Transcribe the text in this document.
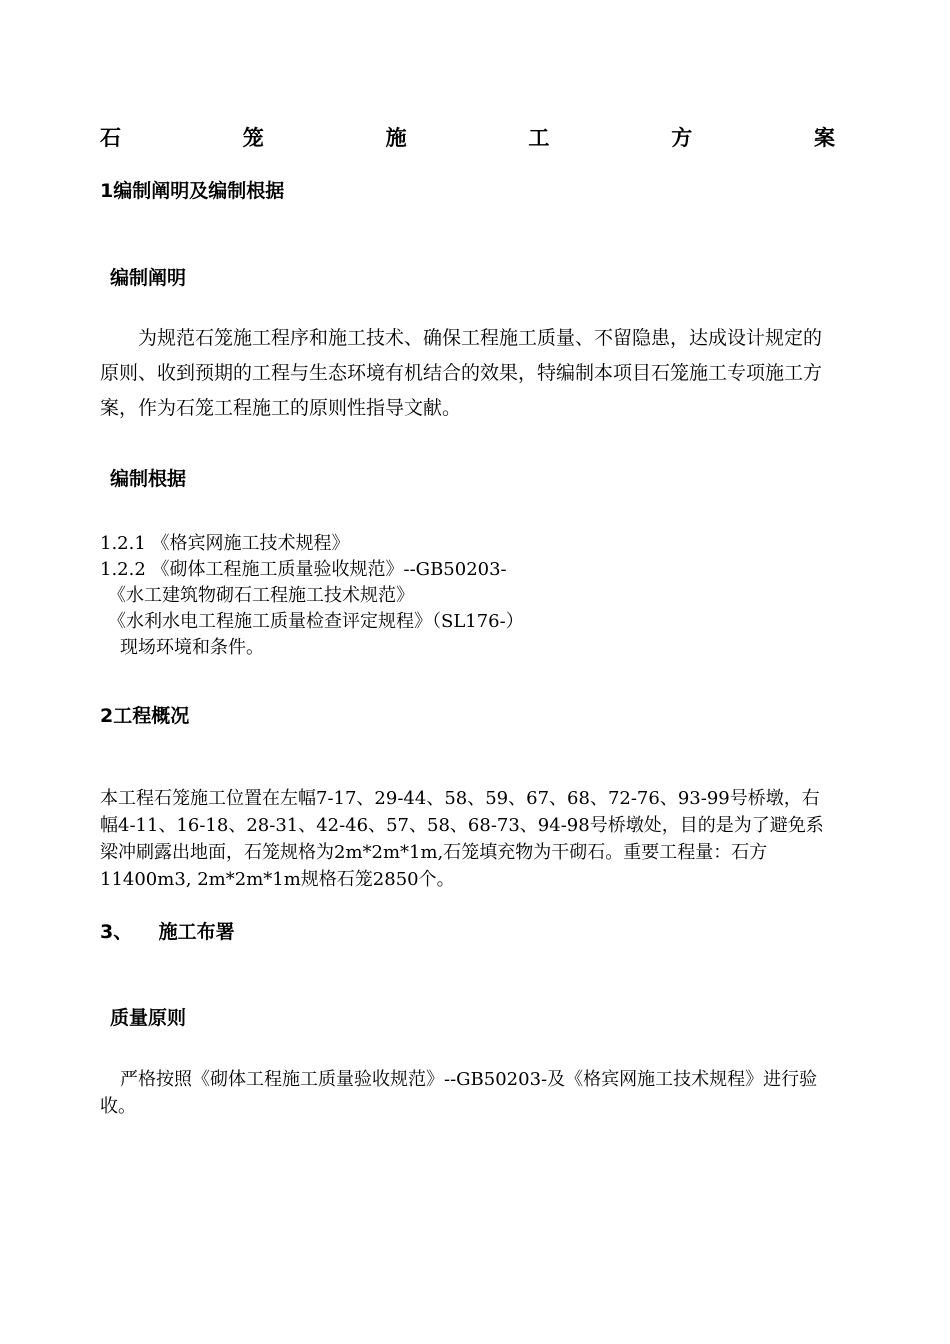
石	笼	施	工	方	案
1编制阐明及编制根据
编制阐明
为规范石笼施工程序和施工技术、确保工程施工质量、不留隐患，达成设计规定的原则、收到预期的工程与生态环境有机结合的效果，特编制本项目石笼施工专项施工方案，作为石笼工程施工的原则性指导文献。
编制根据
1.2.1 《格宾网施工技术规程》
1.2.2 《砌体工程施工质量验收规范》--GB50203-
《水工建筑物砌石工程施工技术规范》
《水利水电工程施工质量检查评定规程》（SL176-）
现场环境和条件。
2工程概况
本工程石笼施工位置在左幅7-17、29-44、58、59、67、68、72-76、93-99号桥墩，右幅4-11、16-18、28-31、42-46、57、58、68-73、94-98号桥墩处，目的是为了避免系梁冲刷露出地面，石笼规格为2m*2m*1m,石笼填充物为干砌石。重要工程量：石方11400m3, 2m*2m*1m规格石笼2850个。
3、    施工布署
质量原则
严格按照《砌体工程施工质量验收规范》--GB50203-及《格宾网施工技术规程》进行验收。
